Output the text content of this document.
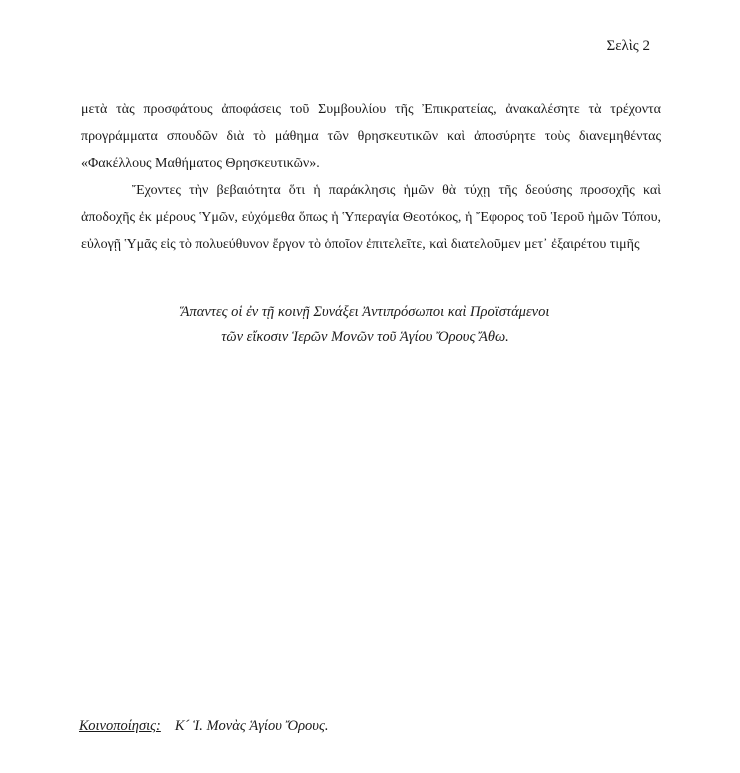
Σελὶς 2

μετὰ τὰς προσφάτους ἀποφάσεις τοῦ Συμβουλίου τῆς Ἐπικρατείας, ἀνακαλέσητε τὰ τρέχοντα προγράμματα σπουδῶν διὰ τὸ μάθημα τῶν θρησκευτικῶν καὶ ἀποσύρητε τοὺς διανεμηθέντας «Φακέλλους Μαθήματος Θρησκευτικῶν».

Ἔχοντες τὴν βεβαιότητα ὅτι ἡ παράκλησις ἡμῶν θὰ τύχῃ τῆς δεούσης προσοχῆς καὶ ἀποδοχῆς ἐκ μέρους Ὑμῶν, εὐχόμεθα ὅπως ἡ Ὑπεραγία Θεοτόκος, ἡ Ἔφορος τοῦ Ἱεροῦ ἡμῶν Τόπου, εὐλογῇ Ὑμᾶς εἰς τὸ πολυεύθυνον ἔργον τὸ ὁποῖον ἐπιτελεῖτε, καὶ διατελοῦμεν μετ᾽ ἐξαιρέτου τιμῆς

Ἅπαντες οἱ ἐν τῇ κοινῇ Συνάξει Ἀντιπρόσωποι καὶ Προϊστάμενοι
τῶν εἴκοσιν Ἱερῶν Μονῶν τοῦ Ἁγίου Ὄρους Ἄθω.
Κοινοποίησις: Κ´ Ἱ. Μονὰς Ἁγίου Ὄρους.
